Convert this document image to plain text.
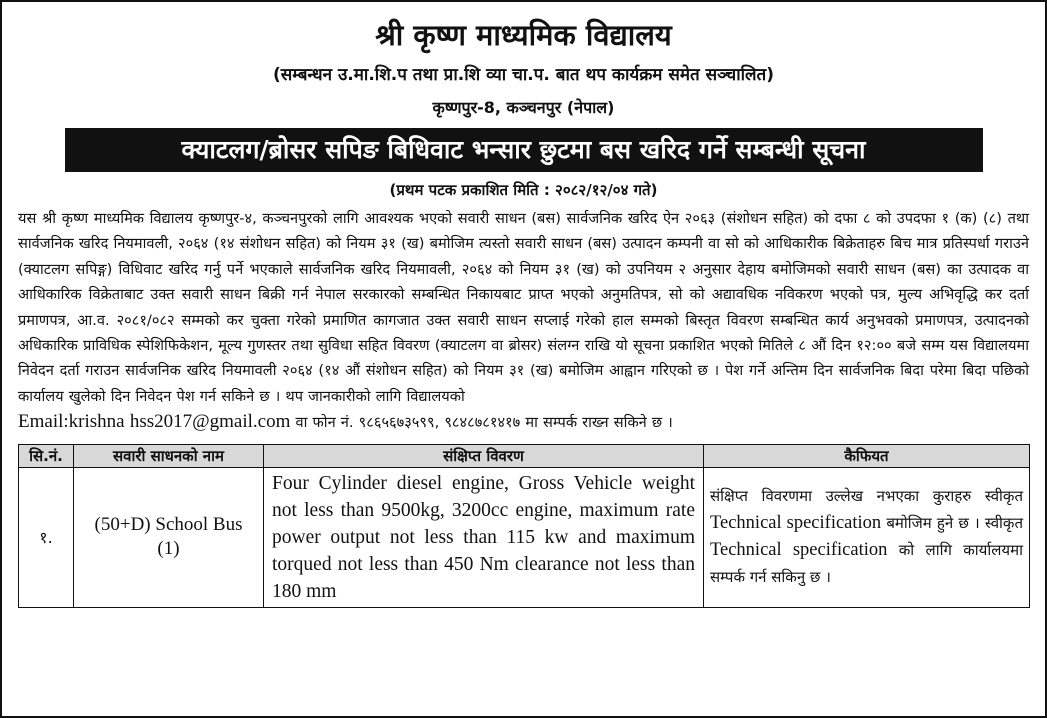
श्री कृष्ण माध्यमिक विद्यालय
(सम्बन्धन उ.मा.शि.प तथा प्रा.शि व्या चा.प. बात थप कार्यक्रम समेत सञ्चालित)
कृष्णपुर-8, कञ्चनपुर (नेपाल)
क्याटलग/ब्रोसर सपिङ बिधिवाट भन्सार छुटमा बस खरिद गर्ने सम्बन्धी सूचना
(प्रथम पटक प्रकाशित मिति : २०८२/१२/०४ गते)
यस श्री कृष्ण माध्यमिक विद्यालय कृष्णपुर-४, कञ्चनपुरको लागि आवश्यक भएको सवारी साधन (बस) सार्वजनिक खरिद ऐन २०६३ (संशोधन सहित) को दफा ८ को उपदफा १ (क) (८) तथा सार्वजनिक खरिद नियमावली, २०६४ (१४ संशोधन सहित) को नियम ३१ (ख) बमोजिम त्यस्तो सवारी साधन (बस) उत्पादन कम्पनी वा सो को आधिकारीक बिक्रेताहरु बिच मात्र प्रतिस्पर्धा गराउने (क्याटलग सपिङ्ग) विधिवाट खरिद गर्नु पर्ने भएकाले सार्वजनिक खरिद नियमावली, २०६४ को नियम ३१ (ख) को उपनियम २ अनुसार देहाय बमोजिमको सवारी साधन (बस) का उत्पादक वा आधिकारिक विक्रेताबाट उक्त सवारी साधन बिक्री गर्न नेपाल सरकारको सम्बन्धित निकायबाट प्राप्त भएको अनुमतिपत्र, सो को अद्यावधिक नविकरण भएको पत्र, मुल्य अभिवृद्धि कर दर्ता प्रमाणपत्र, आ.व. २०८१/०८२ सम्मको कर चुक्ता गरेको प्रमाणित कागजात उक्त सवारी साधन सप्लाई गरेको हाल सम्मको बिस्तृत विवरण सम्बन्धित कार्य अनुभवको प्रमाणपत्र, उत्पादनको अधिकारिक प्राविधिक स्पेशिफिकेशन, मूल्य गुणस्तर तथा सुविधा सहित विवरण (क्याटलग वा ब्रोसर) संलग्न राखि यो सूचना प्रकाशित भएको मितिले ८ औं दिन १२:०० बजे सम्म यस विद्यालयमा निवेदन दर्ता गराउन सार्वजनिक खरिद नियमावली २०६४ (१४ औं संशोधन सहित) को नियम ३१ (ख) बमोजिम आह्वान गरिएको छ । पेश गर्ने अन्तिम दिन सार्वजनिक बिदा परेमा बिदा पछिको कार्यालय खुलेको दिन निवेदन पेश गर्न सकिने छ । थप जानकारीको लागि विद्यालयको
Email:krishna hss2017@gmail.com वा फोन नं. ९८६५६७३५९९, ९८४८७८१४१७ मा सम्पर्क राख्न सकिने छ ।
सि.नं.	सवारी साधनको नाम	संक्षिप्त विवरण	कैफियत
१.	(50+D) School Bus (1)	Four Cylinder diesel engine, Gross Vehicle weight not less than 9500kg, 3200cc engine, maximum rate power output not less than 115 kw and maximum torqued not less than 450 Nm clearance not less than 180 mm	संक्षिप्त विवरणमा उल्लेख नभएका कुराहरु स्वीकृत Technical specification बमोजिम हुने छ । स्वीकृत Technical specification को लागि कार्यालयमा सम्पर्क गर्न सकिनु छ ।
